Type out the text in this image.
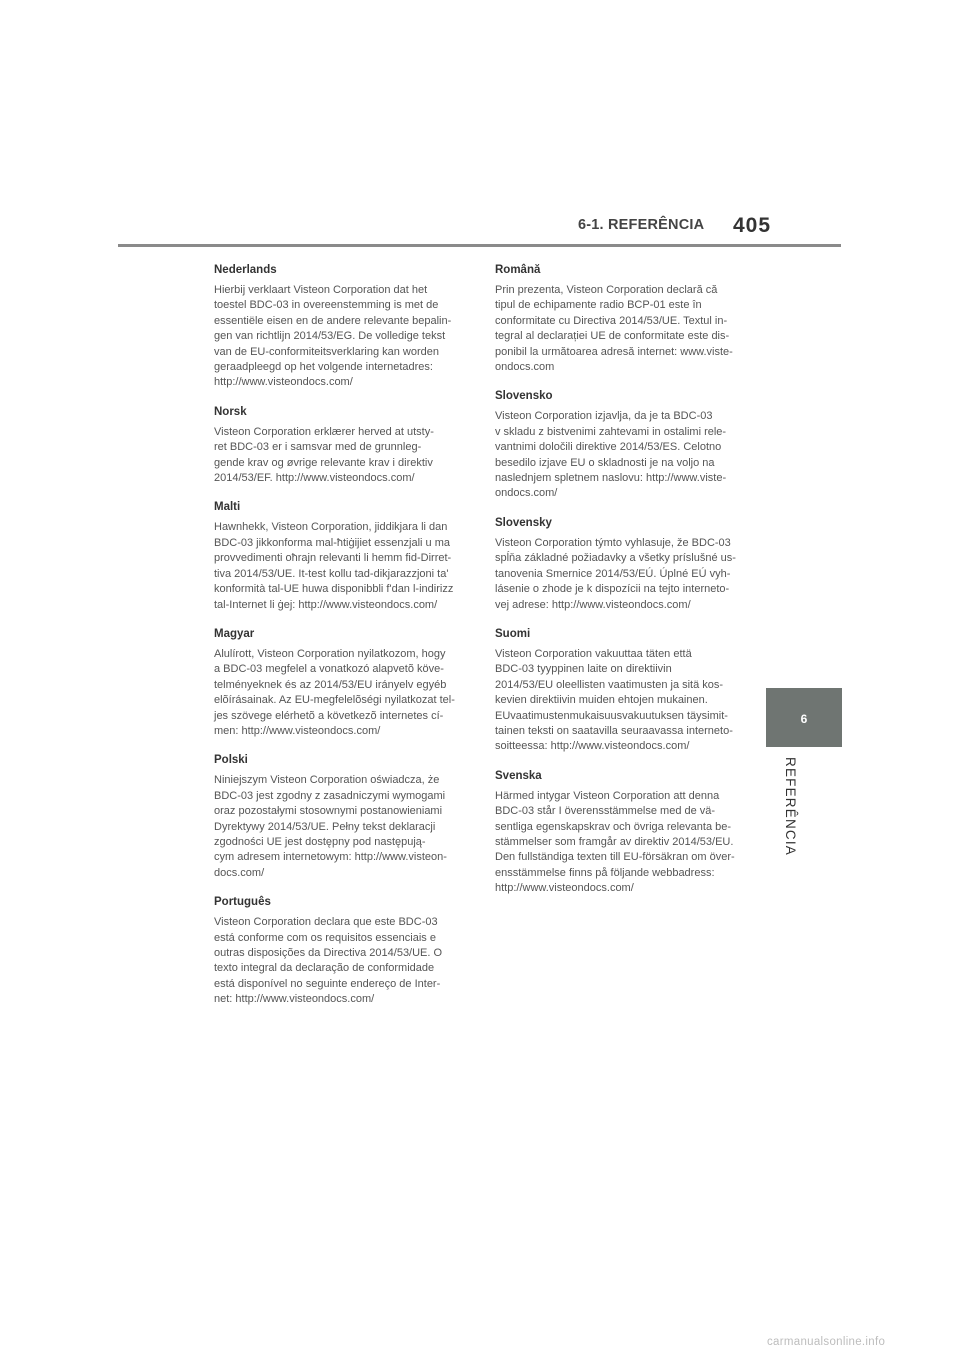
6-1. REFERÊNCIA 405
Nederlands

Hierbij verklaart Visteon Corporation dat het
toestel BDC-03 in overeenstemming is met de
essentiële eisen en de andere relevante bepalin-
gen van richtlijn 2014/53/EG. De volledige tekst
van de EU-conformiteitsverklaring kan worden
geraadpleegd op het volgende internetadres:
http://www.visteondocs.com/

Norsk

Visteon Corporation erklærer herved at utsty-
ret BDC-03 er i samsvar med de grunnleg-
gende krav og øvrige relevante krav i direktiv
2014/53/EF. http://www.visteondocs.com/

Malti

Hawnhekk, Visteon Corporation, jiddikjara li dan
BDC-03 jikkonforma mal-ħtiġijiet essenzjali u ma
provvedimenti oħrajn relevanti li hemm fid-Dirret-
tiva 2014/53/UE. It-test kollu tad-dikjarazzjoni ta'
konformità tal-UE huwa disponibbli f'dan l-indirizz
tal-Internet li ġej: http://www.visteondocs.com/

Magyar

Alulírott, Visteon Corporation nyilatkozom, hogy
a BDC-03 megfelel a vonatkozó alapvetõ köve-
telményeknek és az 2014/53/EU irányelv egyéb
elõírásainak. Az EU-megfelelõségi nyilatkozat tel-
jes szövege elérhetõ a következõ internetes cí-
men: http://www.visteondocs.com/

Polski

Niniejszym Visteon Corporation oświadcza, że
BDC-03 jest zgodny z zasadniczymi wymogami
oraz pozostałymi stosownymi postanowieniami
Dyrektywy 2014/53/UE. Pełny tekst deklaracji
zgodności UE jest dostępny pod następują-
cym adresem internetowym: http://www.visteon-
docs.com/

Português

Visteon Corporation declara que este BDC-03
está conforme com os requisitos essenciais e
outras disposições da Directiva 2014/53/UE. O
texto integral da declaração de conformidade
está disponível no seguinte endereço de Inter-
net: http://www.visteondocs.com/

Română

Prin prezenta, Visteon Corporation declară că
tipul de echipamente radio BCP-01 este în
conformitate cu Directiva 2014/53/UE. Textul in-
tegral al declarației UE de conformitate este dis-
ponibil la următoarea adresă internet: www.viste-
ondocs.com

Slovensko

Visteon Corporation izjavlja, da je ta BDC-03
v skladu z bistvenimi zahtevami in ostalimi rele-
vantnimi določili direktive 2014/53/ES. Celotno
besedilo izjave EU o skladnosti je na voljo na
naslednjem spletnem naslovu: http://www.viste-
ondocs.com/

Slovensky

Visteon Corporation týmto vyhlasuje, že BDC-03
spĺňa základné požiadavky a všetky príslušné us-
tanovenia Smernice 2014/53/EÚ. Úplné EÚ vyh-
lásenie o zhode je k dispozícii na tejto interneto-
vej adrese: http://www.visteondocs.com/

Suomi

Visteon Corporation vakuuttaa täten että
BDC-03 tyyppinen laite on direktiivin
2014/53/EU oleellisten vaatimusten ja sitä kos-
kevien direktiivin muiden ehtojen mukainen.
EUvaatimustenmukaisuusvakuutuksen täysimit-
tainen teksti on saatavilla seuraavassa interneto-
soitteessa: http://www.visteondocs.com/

Svenska

Härmed intygar Visteon Corporation att denna
BDC-03 står I överensstämmelse med de vä-
sentliga egenskapskrav och övriga relevanta be-
stämmelser som framgår av direktiv 2014/53/EU.
Den fullständiga texten till EU-försäkran om över-
ensstämmelse finns på följande webbadress:
http://www.visteondocs.com/

6
REFERÊNCIA
carmanualsonline.info
